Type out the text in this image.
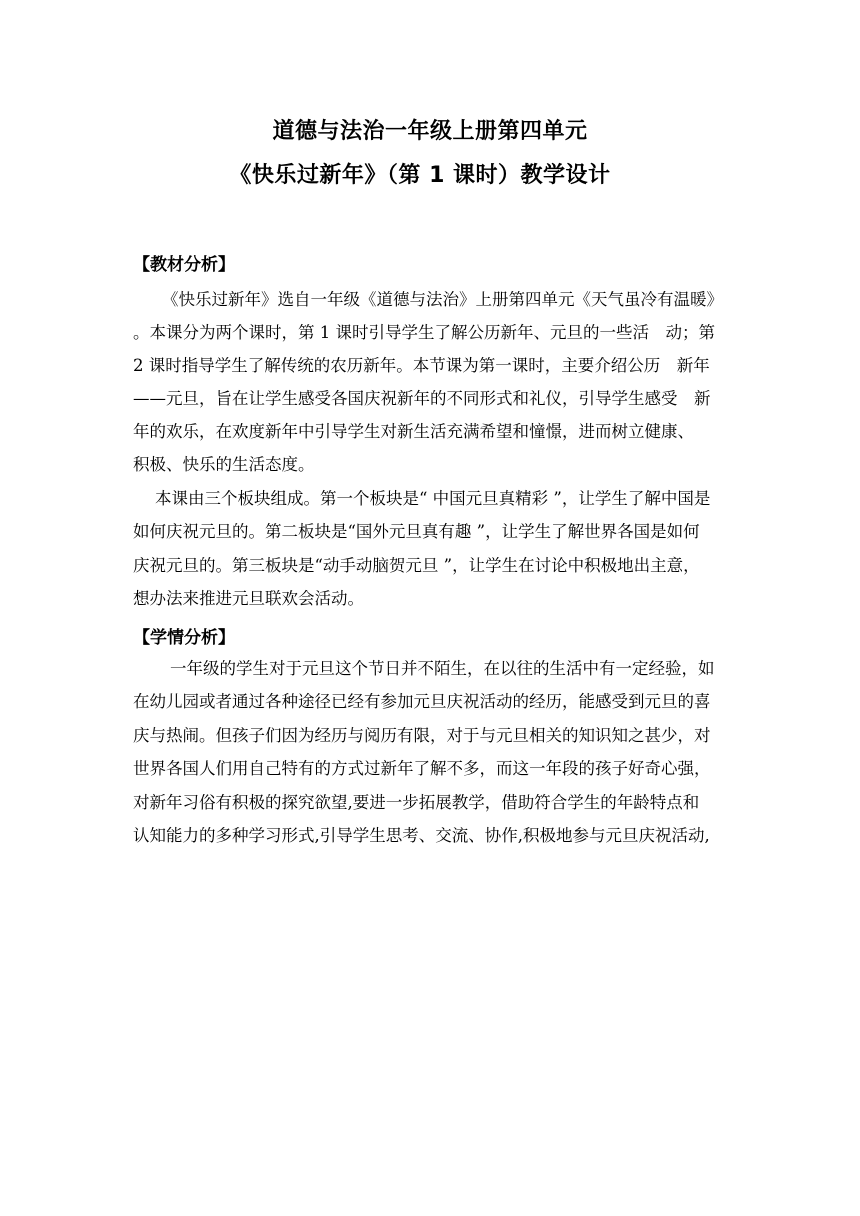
道德与法治一年级上册第四单元
《快乐过新年》（第 1 课时）教学设计
【教材分析】
《快乐过新年》选自一年级《道德与法治》上册第四单元《天气虽冷有温暖》
。本课分为两个课时，第 1 课时引导学生了解公历新年、元旦的一些活　动；第
2 课时指导学生了解传统的农历新年。本节课为第一课时，主要介绍公历　新年
——元旦，旨在让学生感受各国庆祝新年的不同形式和礼仪，引导学生感受　新
年的欢乐，在欢度新年中引导学生对新生活充满希望和憧憬，进而树立健康、
积极、快乐的生活态度。
本课由三个板块组成。第一个板块是“ 中国元旦真精彩 ”，让学生了解中国是
如何庆祝元旦的。第二板块是“国外元旦真有趣 ”，让学生了解世界各国是如何
庆祝元旦的。第三板块是“动手动脑贺元旦 ”，让学生在讨论中积极地出主意，
想办法来推进元旦联欢会活动。
【学情分析】
一年级的学生对于元旦这个节日并不陌生，在以往的生活中有一定经验，如
在幼儿园或者通过各种途径已经有参加元旦庆祝活动的经历，能感受到元旦的喜
庆与热闹。但孩子们因为经历与阅历有限，对于与元旦相关的知识知之甚少，对
世界各国人们用自己特有的方式过新年了解不多，而这一年段的孩子好奇心强，
对新年习俗有积极的探究欲望,要进一步拓展教学，借助符合学生的年龄特点和
认知能力的多种学习形式,引导学生思考、交流、协作,积极地参与元旦庆祝活动,
